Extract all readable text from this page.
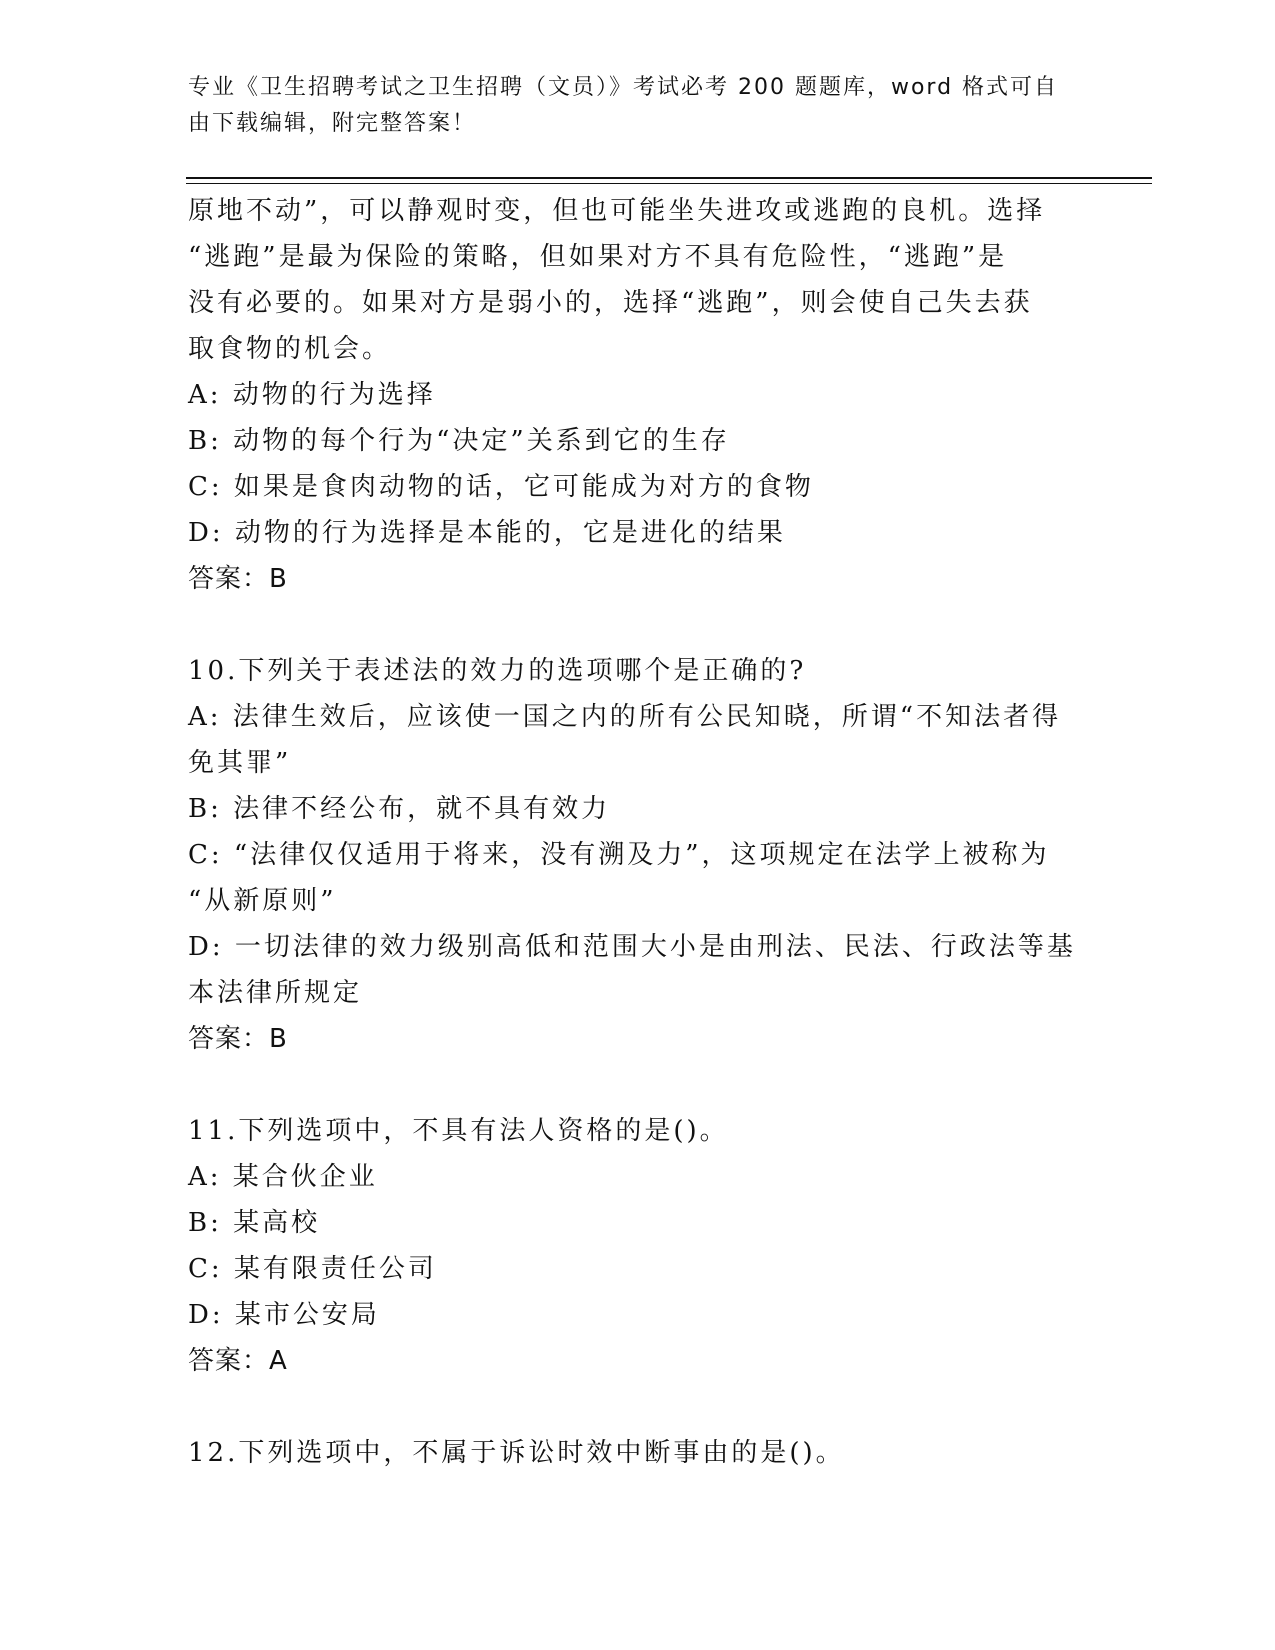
专业《卫生招聘考试之卫生招聘（文员）》考试必考 200 题题库，word 格式可自
由下载编辑，附完整答案！

原地不动”，可以静观时变，但也可能坐失进攻或逃跑的良机。选择

“逃跑”是最为保险的策略，但如果对方不具有危险性，“逃跑”是

没有必要的。如果对方是弱小的，选择“逃跑”，则会使自己失去获

取食物的机会。

A: 动物的行为选择

B: 动物的每个行为“决定”关系到它的生存

C: 如果是食肉动物的话，它可能成为对方的食物

D: 动物的行为选择是本能的，它是进化的结果

答案：B

10.下列关于表述法的效力的选项哪个是正确的?

A: 法律生效后，应该使一国之内的所有公民知晓，所谓“不知法者得

免其罪”

B: 法律不经公布，就不具有效力

C: “法律仅仅适用于将来，没有溯及力”，这项规定在法学上被称为

“从新原则”

D: 一切法律的效力级别高低和范围大小是由刑法、民法、行政法等基

本法律所规定

答案：B

11.下列选项中，不具有法人资格的是()。

A: 某合伙企业

B: 某高校

C: 某有限责任公司

D: 某市公安局

答案：A

12.下列选项中，不属于诉讼时效中断事由的是()。
